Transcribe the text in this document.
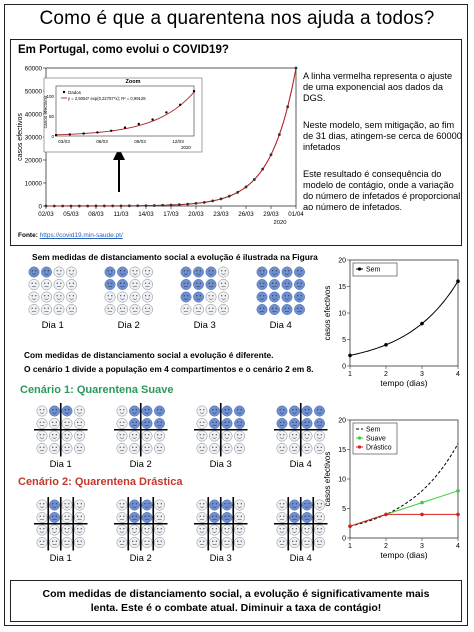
Como é que a quarentena nos ajuda a todos?
Em Portugal, como evolui o COVID19?
0
10000
20000
30000
40000
50000
60000
02/03 05/03 08/03 11/03 14/03 17/03 20/03 23/03 26/03 29/03 01/04
2020
casos efectivos
Zoom
0
50
100
03/03	06/03	09/03	12/03
2020
casos efectivos
Dados
y = 2,5054* exp(0,22757*x); R² = 0,99128
A linha vermelha representa o ajuste de uma exponencial aos dados da DGS.
Neste modelo, sem mitigação, ao fim de 31 dias, atingem-se cerca de 60000 infetados
Este resultado é consequência do modelo de contágio, onde a variação do número de infetados é proporcional ao número de infetados.
Fonte: https://covid19.min-saude.pt/
Sem medidas de distanciamento social a evolução é ilustrada na Figura
Dia 1	Dia 2	Dia 3	Dia 4
0
5
10
15
20
1	2	3	4
tempo (dias)
casos efectivos
Sem
Com medidas de distanciamento social a evolução é diferente.
O cenário 1 divide a população em 4 compartimentos e o cenário 2 em 8.
Cenário 1: Quarentena Suave
Dia 1	Dia 2	Dia 3	Dia 4
Cenário 2: Quarentena Drástica
Dia 1	Dia 2	Dia 3	Dia 4
0
5
10
15
20
1	2	3	4
tempo (dias)
casos efectivos
Sem
Suave
Drástico
Com medidas de distanciamento social, a evolução é significativamente mais
lenta. Este é o combate atual. Diminuir a taxa de contágio!
